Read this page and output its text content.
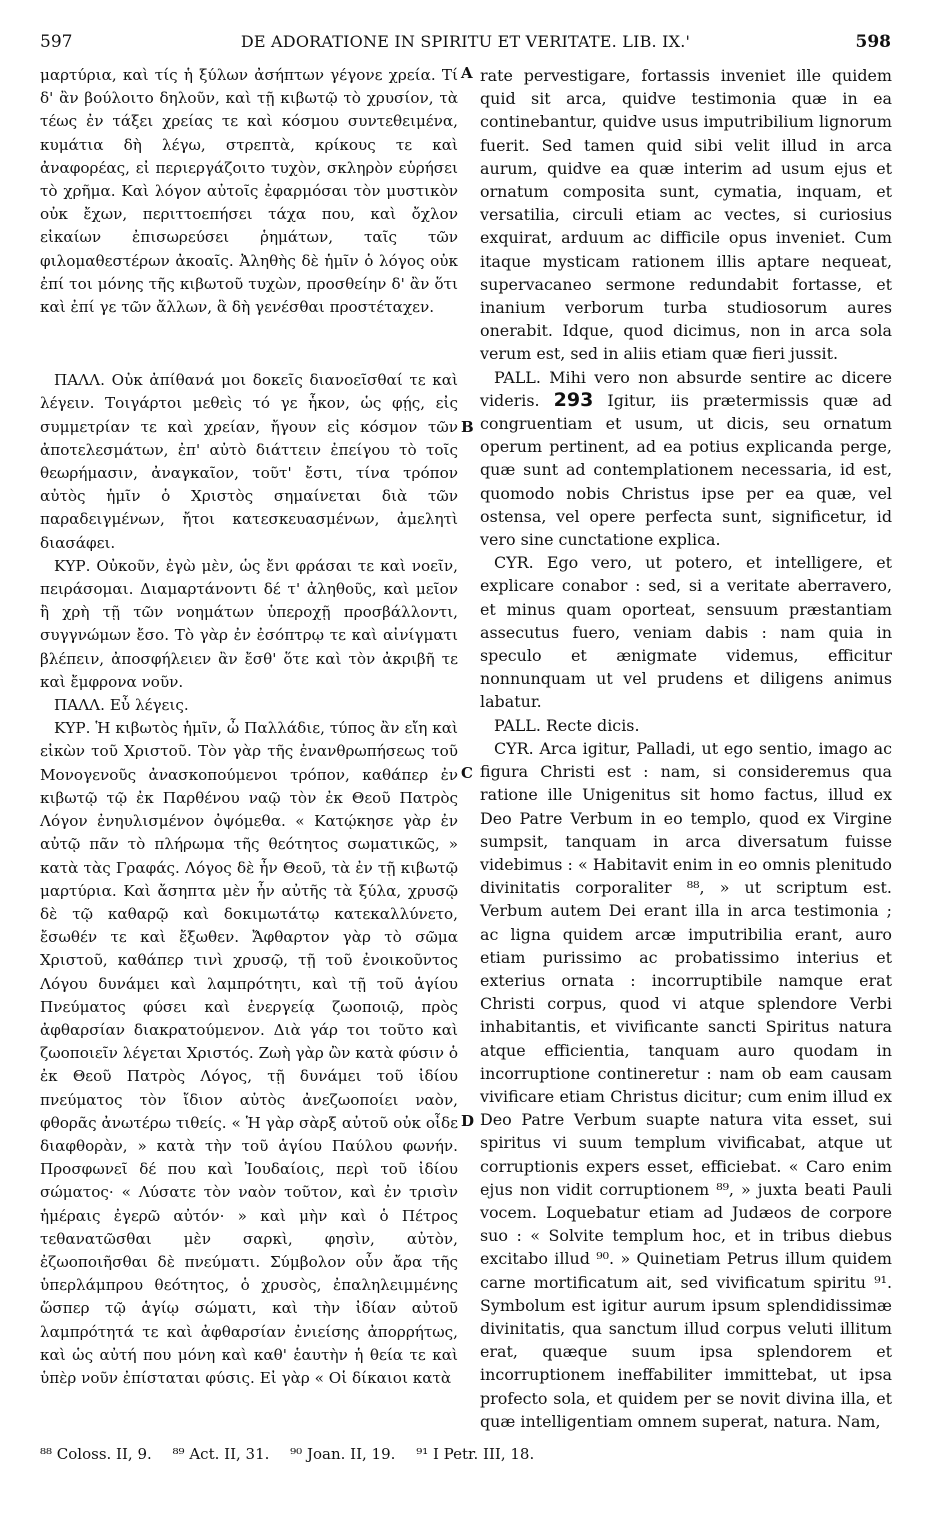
597	DE ADORATIONE IN SPIRITU ET VERITATE. LIB. IX.'	598

μαρτύρια, καὶ τίς ἡ ξύλων ἀσήπτων γέγονε χρεία. Τί δ' ἂν βούλοιτο δηλοῦν, καὶ τῇ κιβωτῷ τὸ χρυσίον, τὰ τέως ἐν τάξει χρείας τε καὶ κόσμου συντεθειμένα, κυμάτια δὴ λέγω, στρεπτὰ, κρίκους τε καὶ ἀναφορέας, εἰ περιεργάζοιτο τυχὸν, σκληρὸν εὑρήσει τὸ χρῆμα. Καὶ λόγον αὐτοῖς ἐφαρμόσαι τὸν μυστικὸν οὐκ ἔχων, περιττοεπήσει τάχα που, καὶ ὄχλον εἰκαίων ἐπισωρεύσει ῥημάτων, ταῖς τῶν φιλομαθεστέρων ἀκοαῖς. Ἀληθὴς δὲ ἡμῖν ὁ λόγος οὐκ ἐπί τοι μόνης τῆς κιβωτοῦ τυχὼν, προσθείην δ' ἂν ὅτι καὶ ἐπί γε τῶν ἄλλων, ἃ δὴ γενέσθαι προστέταχεν.

ΠΑΛΛ. Οὐκ ἀπίθανά μοι δοκεῖς διανοεῖσθαί τε καὶ λέγειν. Τοιγάρτοι μεθεὶς τό γε ἧκον, ὡς φῄς, εἰς συμμετρίαν τε καὶ χρείαν, ἤγουν εἰς κόσμον τῶν ἀποτελεσμάτων, ἐπ' αὐτὸ διάττειν ἐπείγου τὸ τοῖς θεωρήμασιν, ἀναγκαῖον, τοῦτ' ἔστι, τίνα τρόπον αὐτὸς ἡμῖν ὁ Χριστὸς σημαίνεται διὰ τῶν παραδειγμένων, ἤτοι κατεσκευασμένων, ἀμελητὶ διασάφει.

ΚΥΡ. Οὐκοῦν, ἐγὼ μὲν, ὡς ἔνι φράσαι τε καὶ νοεῖν, πειράσομαι. Διαμαρτάνοντι δέ τ' ἀληθοῦς, καὶ μεῖον ἢ χρὴ τῇ τῶν νοημάτων ὑπεροχῇ προσβάλλοντι, συγγνώμων ἔσο. Τὸ γὰρ ἐν ἐσόπτρῳ τε καὶ αἰνίγματι βλέπειν, ἀποσφήλειεν ἂν ἔσθ' ὅτε καὶ τὸν ἀκριβῆ τε καὶ ἔμφρονα νοῦν.

ΠΑΛΛ. Εὖ λέγεις.

ΚΥΡ. Ἡ κιβωτὸς ἡμῖν, ὦ Παλλάδιε, τύπος ἂν εἴη καὶ εἰκὼν τοῦ Χριστοῦ. Τὸν γὰρ τῆς ἐνανθρωπήσεως τοῦ Μονογενοῦς ἀνασκοπούμενοι τρόπον, καθάπερ ἐν κιβωτῷ τῷ ἐκ Παρθένου ναῷ τὸν ἐκ Θεοῦ Πατρὸς Λόγον ἐνηυλισμένον ὀψόμεθα. « Κατῴκησε γὰρ ἐν αὐτῷ πᾶν τὸ πλήρωμα τῆς θεότητος σωματικῶς, » κατὰ τὰς Γραφάς. Λόγος δὲ ἦν Θεοῦ, τὰ ἐν τῇ κιβωτῷ μαρτύρια. Καὶ ἄσηπτα μὲν ἦν αὐτῆς τὰ ξύλα, χρυσῷ δὲ τῷ καθαρῷ καὶ δοκιμωτάτῳ κατεκαλλύνετο, ἔσωθέν τε καὶ ἔξωθεν. Ἄφθαρτον γὰρ τὸ σῶμα Χριστοῦ, καθάπερ τινὶ χρυσῷ, τῇ τοῦ ἐνοικοῦντος Λόγου δυνάμει καὶ λαμπρότητι, καὶ τῇ τοῦ ἁγίου Πνεύματος φύσει καὶ ἐνεργείᾳ ζωοποιῷ, πρὸς ἀφθαρσίαν διακρατούμενον. Διὰ γάρ τοι τοῦτο καὶ ζωοποιεῖν λέγεται Χριστός. Ζωὴ γὰρ ὢν κατὰ φύσιν ὁ ἐκ Θεοῦ Πατρὸς Λόγος, τῇ δυνάμει τοῦ ἰδίου πνεύματος τὸν ἴδιον αὐτὸς ἀνεζωοποίει ναὸν, φθορᾶς ἀνωτέρω τιθείς. « Ἡ γὰρ σὰρξ αὐτοῦ οὐκ οἶδε διαφθορὰν, » κατὰ τὴν τοῦ ἁγίου Παύλου φωνήν. Προσφωνεῖ δέ που καὶ Ἰουδαίοις, περὶ τοῦ ἰδίου σώματος· « Λύσατε τὸν ναὸν τοῦτον, καὶ ἐν τρισὶν ἡμέραις ἐγερῶ αὐτόν· » καὶ μὴν καὶ ὁ Πέτρος τεθανατῶσθαι μὲν σαρκὶ, φησὶν, αὐτὸν, ἐζωοποιῆσθαι δὲ πνεύματι. Σύμβολον οὖν ἄρα τῆς ὑπερλάμπρου θεότητος, ὁ χρυσὸς, ἐπαληλειμμένης ὥσπερ τῷ ἁγίῳ σώματι, καὶ τὴν ἰδίαν αὐτοῦ λαμπρότητά τε καὶ ἀφθαρσίαν ἐνιείσης ἀπορρήτως, καὶ ὡς αὐτή που μόνη καὶ καθ' ἑαυτὴν ἡ θεία τε καὶ ὑπὲρ νοῦν ἐπίσταται φύσις. Εἰ γὰρ « Οἱ δίκαιοι κατὰ

A
B
C
D

rate pervestigare, fortassis inveniet ille quidem quid sit arca, quidve testimonia quæ in ea continebantur, quidve usus imputribilium lignorum fuerit. Sed tamen quid sibi velit illud in arca aurum, quidve ea quæ interim ad usum ejus et ornatum composita sunt, cymatia, inquam, et versatilia, circuli etiam ac vectes, si curiosius exquirat, arduum ac difficile opus inveniet. Cum itaque mysticam rationem illis aptare nequeat, supervacaneo sermone redundabit fortasse, et inanium verborum turba studiosorum aures onerabit. Idque, quod dicimus, non in arca sola verum est, sed in aliis etiam quæ fieri jussit.

PALL. Mihi vero non absurde sentire ac dicere videris. 293 Igitur, iis prætermissis quæ ad congruentiam et usum, ut dicis, seu ornatum operum pertinent, ad ea potius explicanda perge, quæ sunt ad contemplationem necessaria, id est, quomodo nobis Christus ipse per ea quæ, vel ostensa, vel opere perfecta sunt, significetur, id vero sine cunctatione explica.

CYR. Ego vero, ut potero, et intelligere, et explicare conabor : sed, si a veritate aberravero, et minus quam oporteat, sensuum præstantiam assecutus fuero, veniam dabis : nam quia in speculo et ænigmate videmus, efficitur nonnunquam ut vel prudens et diligens animus labatur.

PALL. Recte dicis.

CYR. Arca igitur, Palladi, ut ego sentio, imago ac figura Christi est : nam, si consideremus qua ratione ille Unigenitus sit homo factus, illud ex Deo Patre Verbum in eo templo, quod ex Virgine sumpsit, tanquam in arca diversatum fuisse videbimus : « Habitavit enim in eo omnis plenitudo divinitatis corporaliter ⁸⁸, » ut scriptum est. Verbum autem Dei erant illa in arca testimonia ; ac ligna quidem arcæ imputribilia erant, auro etiam purissimo ac probatissimo interius et exterius ornata : incorruptibile namque erat Christi corpus, quod vi atque splendore Verbi inhabitantis, et vivificante sancti Spiritus natura atque efficientia, tanquam auro quodam in incorruptione contineretur : nam ob eam causam vivificare etiam Christus dicitur; cum enim illud ex Deo Patre Verbum suapte natura vita esset, sui spiritus vi suum templum vivificabat, atque ut corruptionis expers esset, efficiebat. « Caro enim ejus non vidit corruptionem ⁸⁹, » juxta beati Pauli vocem. Loquebatur etiam ad Judæos de corpore suo : « Solvite templum hoc, et in tribus diebus excitabo illud ⁹⁰. » Quinetiam Petrus illum quidem carne mortificatum ait, sed vivificatum spiritu ⁹¹. Symbolum est igitur aurum ipsum splendidissimæ divinitatis, qua sanctum illud corpus veluti illitum erat, quæque suum ipsa splendorem et incorruptionem ineffabiliter immittebat, ut ipsa profecto sola, et quidem per se novit divina illa, et quæ intelligentiam omnem superat, natura. Nam,

⁸⁸ Coloss. II, 9. ⁸⁹ Act. II, 31. ⁹⁰ Joan. II, 19. ⁹¹ I Petr. III, 18.
